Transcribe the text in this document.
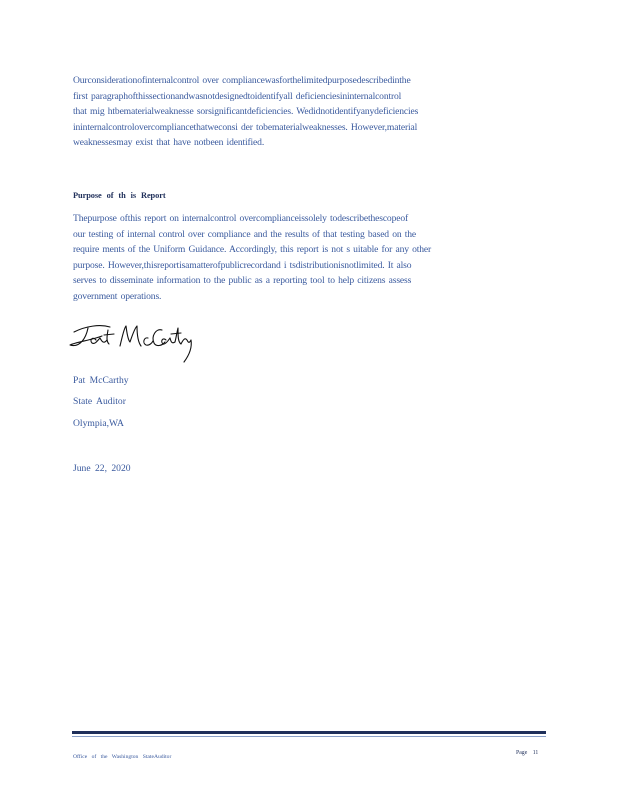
Ourconsiderationofinternalcontrol over compliancewasforthelimitedpurposedescribedinthe
first paragraphofthissectionandwasnotdesignedtoidentifyall deficienciesininternalcontrol
that mig htbematerialweaknesse sorsignificantdeficiencies. Wedidnotidentifyanydeficiencies
ininternalcontrolovercompliancethatweconsi der tobematerialweaknesses. However,material
weaknessesmay exist that have notbeen identified.
Purpose of th is Report
Thepurpose ofthis report on internalcontrol overcomplianceissolely todescribethescopeof
our testing of internal control over compliance and the results of that testing based on the
require ments of the Uniform Guidance. Accordingly, this report is not s uitable for any other
purpose. However,thisreportisamatterofpublicrecordand i tsdistributionisnotlimited. It also
serves to disseminate information to the public as a reporting tool to help citizens assess
government operations.
Pat McCarthy
State Auditor
Olympia,WA
June 22, 2020
Office of the Washington StateAuditor
Page 11
